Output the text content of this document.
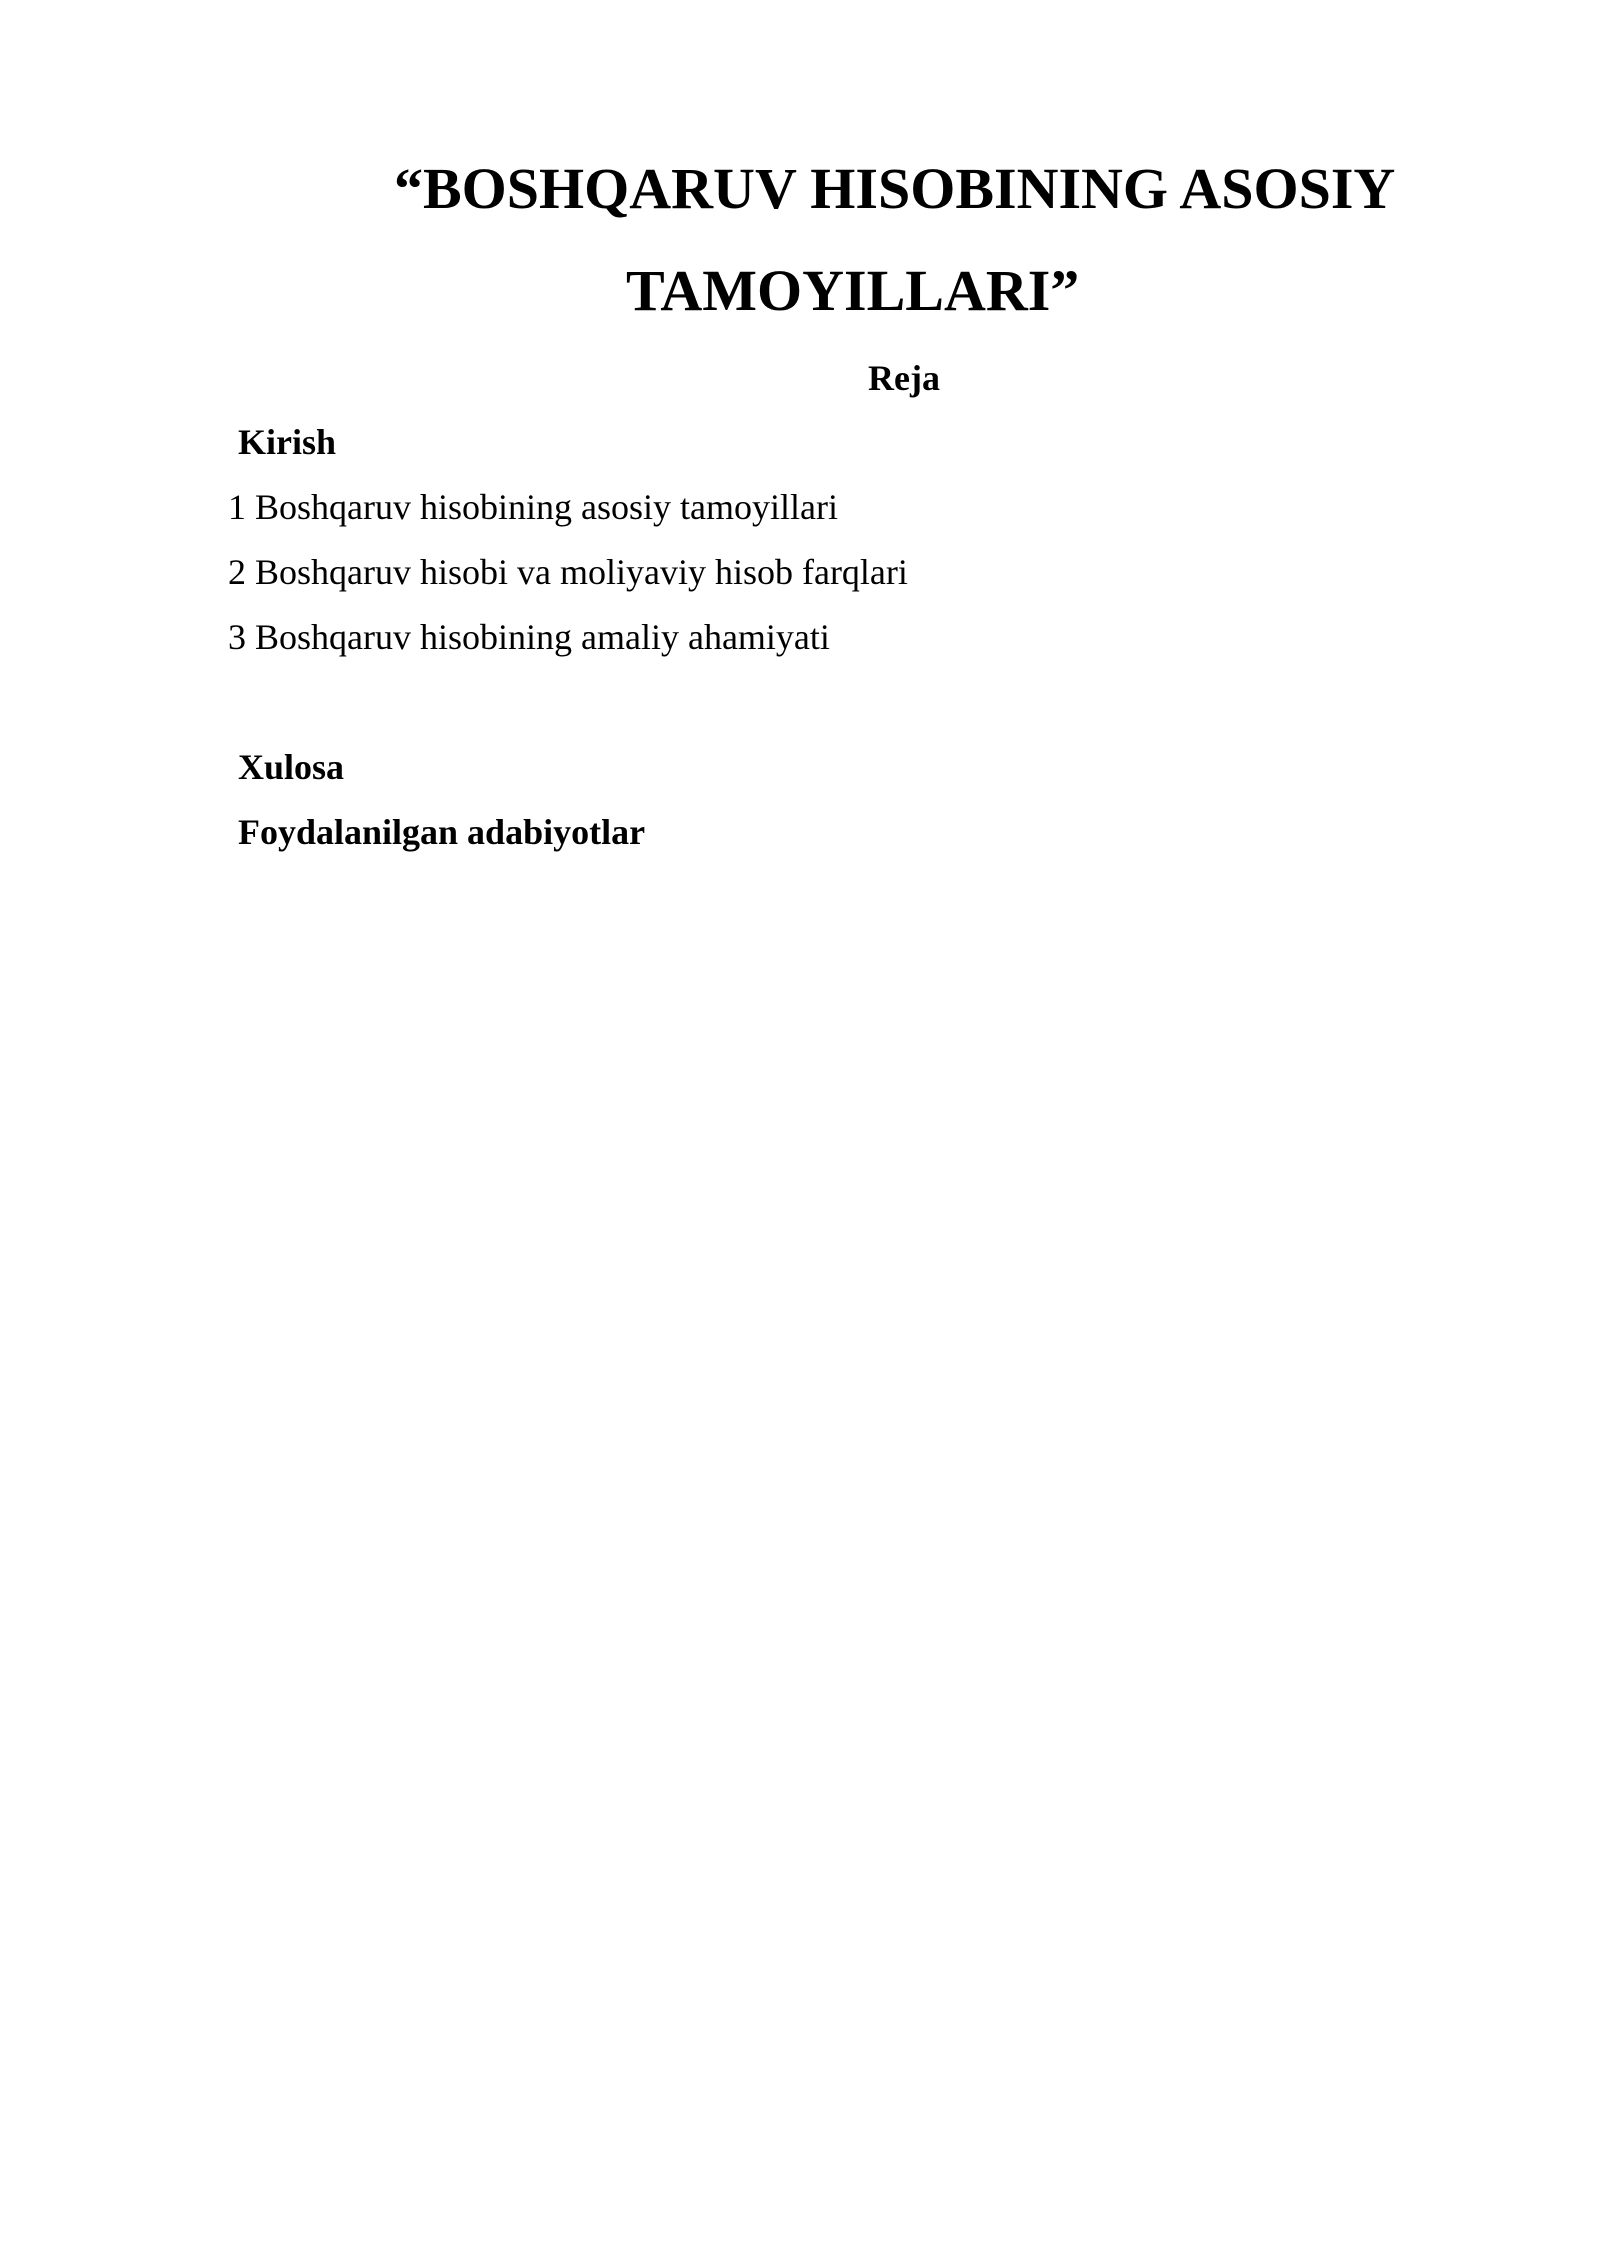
“BOSHQARUV HISOBINING ASOSIY
TAMOYILLARI”
Reja
Kirish
1 Boshqaruv hisobining asosiy tamoyillari
2 Boshqaruv hisobi va moliyaviy hisob farqlari
3 Boshqaruv hisobining amaliy ahamiyati
Xulosa
Foydalanilgan adabiyotlar
